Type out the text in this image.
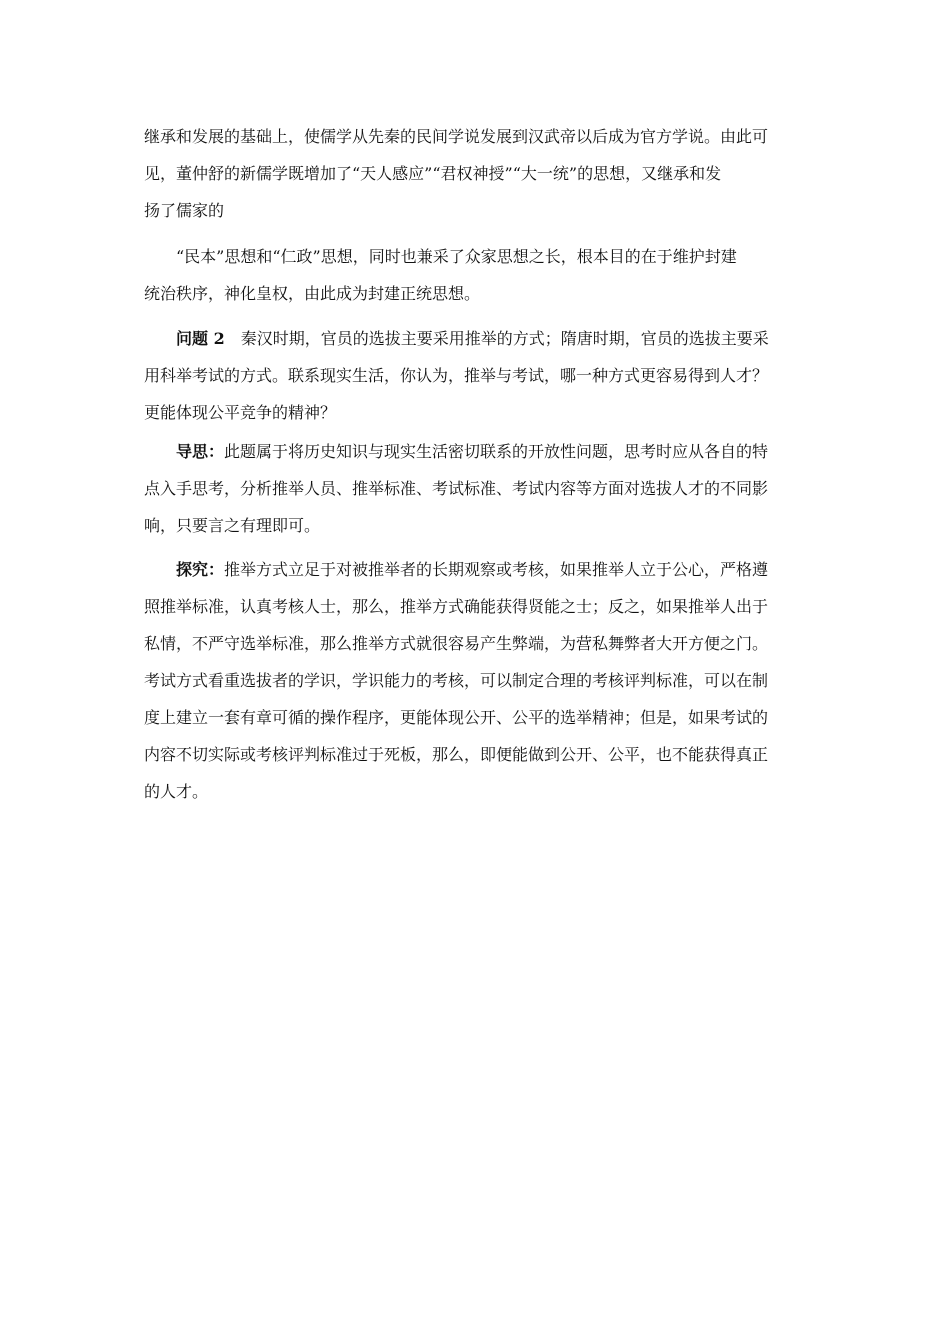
继承和发展的基础上，使儒学从先秦的民间学说发展到汉武帝以后成为官方学说。由此可
见，董仲舒的新儒学既增加了“天人感应”“君权神授”“大一统”的思想，又继承和发
扬了儒家的
“民本”思想和“仁政”思想，同时也兼采了众家思想之长，根本目的在于维护封建
统治秩序，神化皇权，由此成为封建正统思想。
问题 2　秦汉时期，官员的选拔主要采用推举的方式；隋唐时期，官员的选拔主要采
用科举考试的方式。联系现实生活，你认为，推举与考试，哪一种方式更容易得到人才？
更能体现公平竞争的精神？
导思：此题属于将历史知识与现实生活密切联系的开放性问题，思考时应从各自的特
点入手思考，分析推举人员、推举标准、考试标准、考试内容等方面对选拔人才的不同影
响，只要言之有理即可。
探究：推举方式立足于对被推举者的长期观察或考核，如果推举人立于公心，严格遵
照推举标准，认真考核人士，那么，推举方式确能获得贤能之士；反之，如果推举人出于
私情，不严守选举标准，那么推举方式就很容易产生弊端，为营私舞弊者大开方便之门。
考试方式看重选拔者的学识，学识能力的考核，可以制定合理的考核评判标准，可以在制
度上建立一套有章可循的操作程序，更能体现公开、公平的选举精神；但是，如果考试的
内容不切实际或考核评判标准过于死板，那么，即便能做到公开、公平，也不能获得真正
的人才。
